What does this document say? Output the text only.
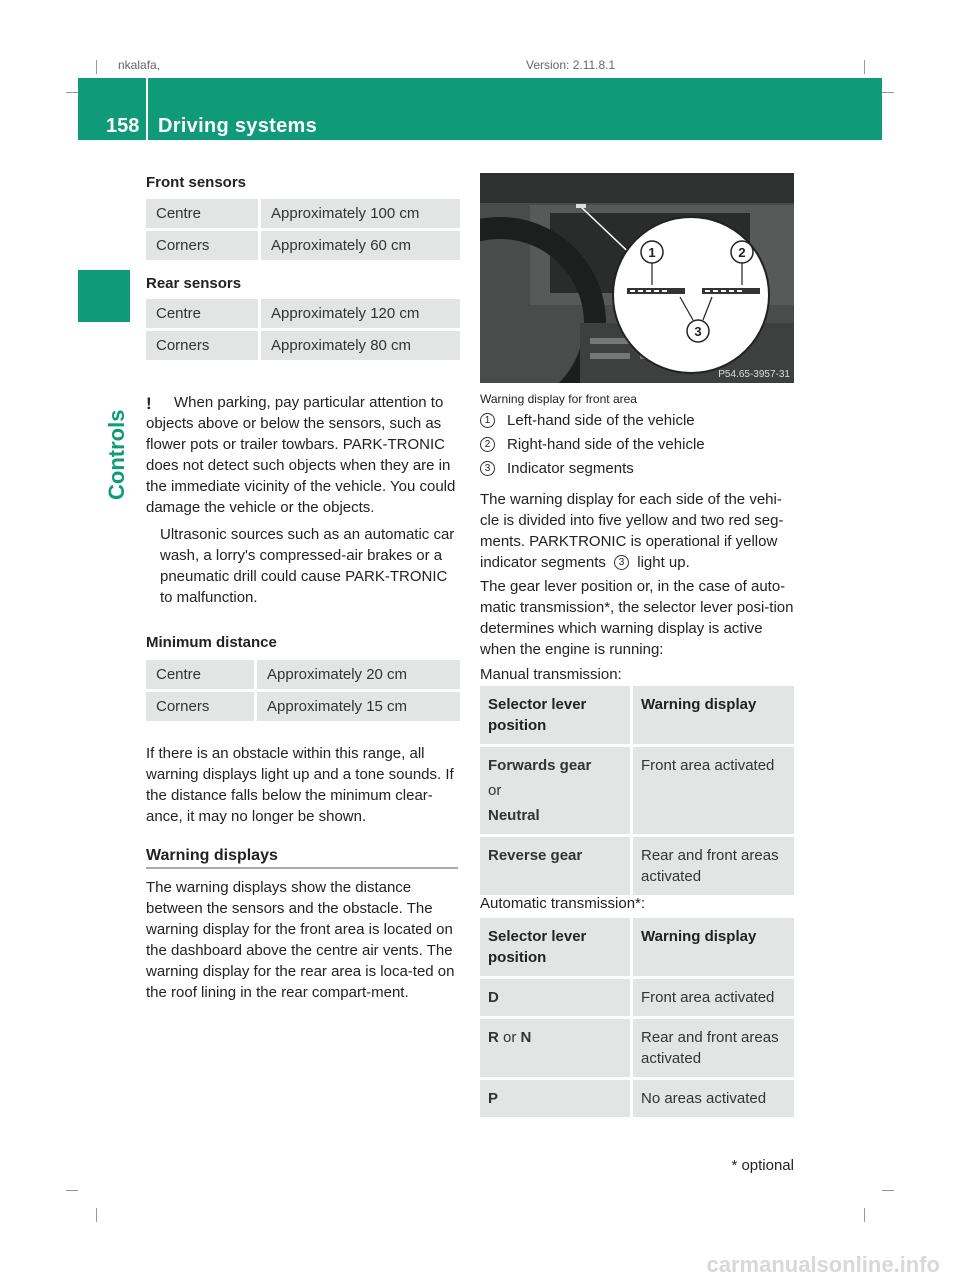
nkalafa,	Version: 2.11.8.1
158 Driving systems
Controls
Front sensors
Centre	Approximately 100 cm
Corners	Approximately 60 cm
Rear sensors
Centre	Approximately 120 cm
Corners	Approximately 80 cm
!	When parking, pay particular attention to objects above or below the sensors, such as flower pots or trailer towbars. PARK-TRONIC does not detect such objects when they are in the immediate vicinity of the vehicle. You could damage the vehicle or the objects.

Ultrasonic sources such as an automatic car wash, a lorry's compressed-air brakes or a pneumatic drill could cause PARK-TRONIC to malfunction.

Minimum distance
Centre	Approximately 20 cm
Corners	Approximately 15 cm
If there is an obstacle within this range, all warning displays light up and a tone sounds. If the distance falls below the minimum clear-ance, it may no longer be shown.
Warning displays
The warning displays show the distance between the sensors and the obstacle. The warning display for the front area is located on the dashboard above the centre air vents. The warning display for the rear area is loca-ted on the roof lining in the rear compart-ment.
1	2
3
P54.65-3957-31
Warning display for front area
1 Left-hand side of the vehicle
2 Right-hand side of the vehicle
3 Indicator segments
The warning display for each side of the vehi-cle is divided into five yellow and two red seg-ments. PARKTRONIC is operational if yellow indicator segments 3 light up.
The gear lever position or, in the case of auto-matic transmission*, the selector lever posi-tion determines which warning display is active when the engine is running:
Manual transmission:
Selector lever position	Warning display

Forwards gear
or
Neutral	Front area activated
Reverse gear	Rear and front areas activated
Automatic transmission*:
Selector lever position	Warning display
D	Front area activated
R or N	Rear and front areas activated
P	No areas activated
* optional
carmanualsonline.info
